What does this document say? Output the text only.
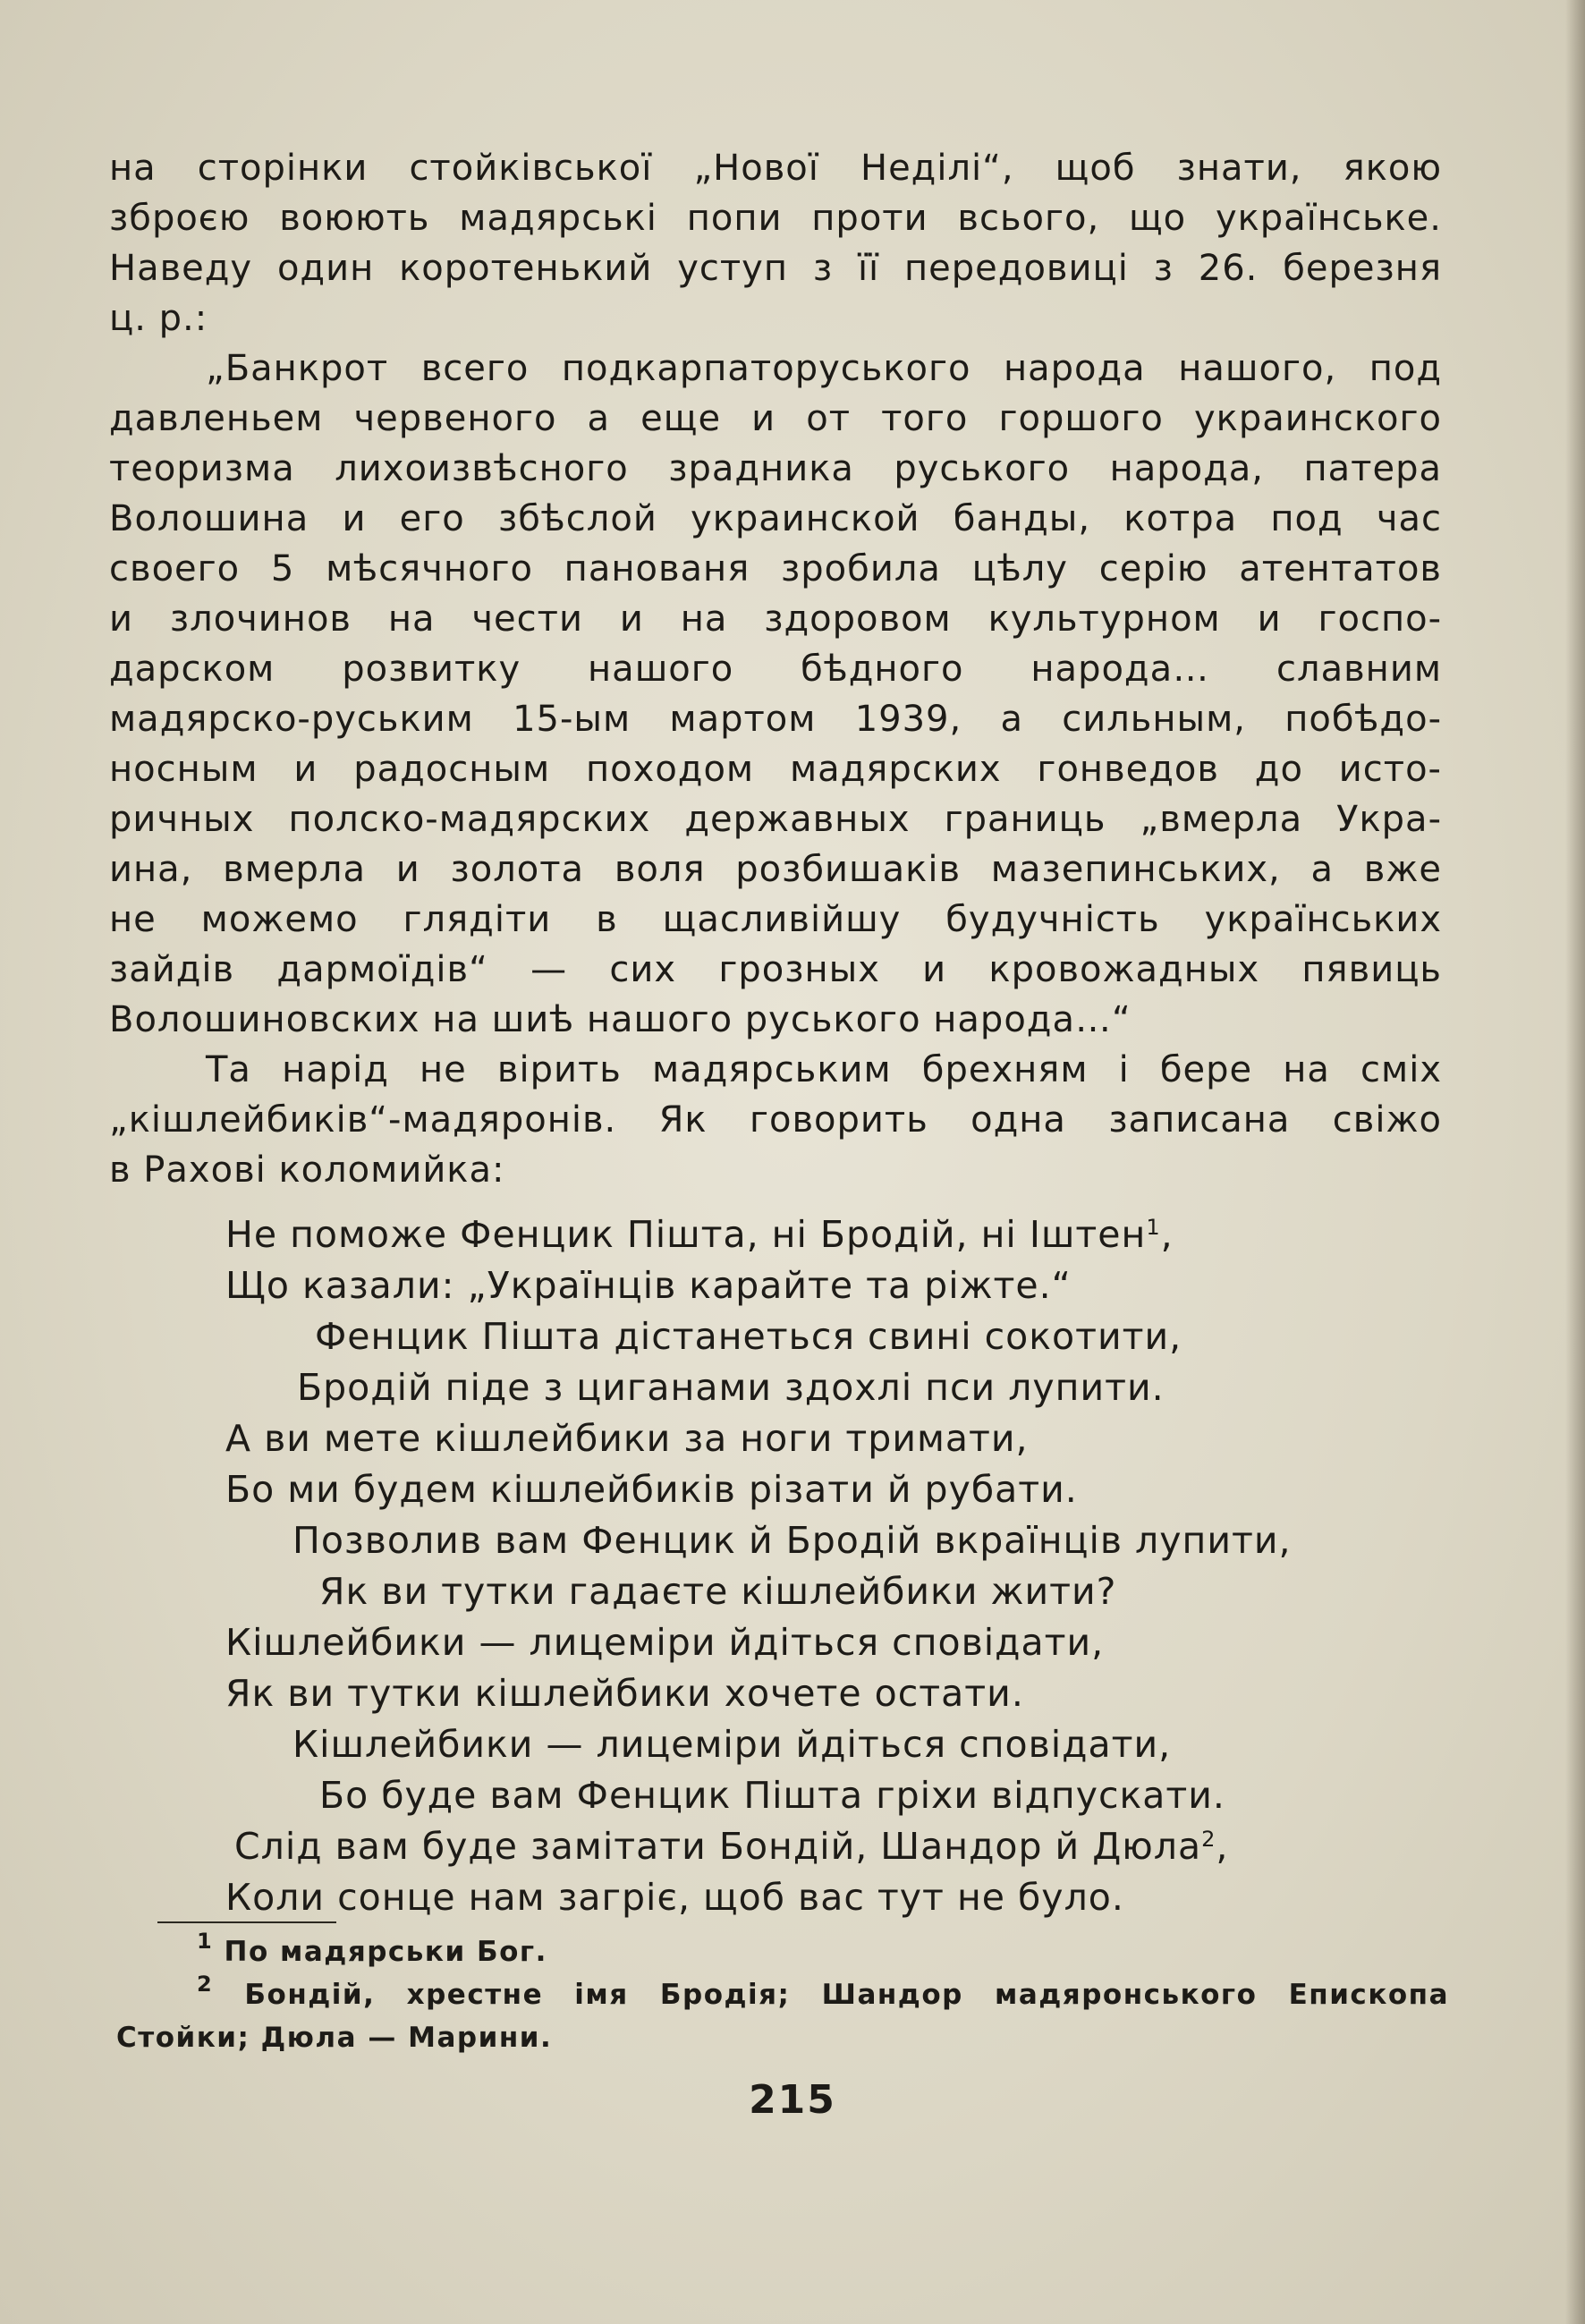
на сторінки стойківської „Нової Неділі“, щоб знати, якою
зброєю воюють мадярські попи проти всього, що українське.
Наведу один коротенький уступ з її передовиці з 26. березня
ц. р.:

„Банкрот всего подкарпаторуського народа нашого, под
давленьем червеного а еще и от того горшого украинского
теоризма лихоизвѣсного зрадника руського народа, патера
Волошина и его збѣслой украинской банды, котра под час
своего 5 мѣсячного панованя зробила цѣлу серію атентатов
и злочинов на чести и на здоровом культурном и госпо-
дарском розвитку нашого бѣдного народа… славним
мадярско-руським 15-ым мартом 1939, а сильным, побѣдо-
носным и радосным походом мадярских гонведов до исто-
ричных полско-мадярских державных границь „вмерла Укра-
ина, вмерла и золота воля розбишаків мазепинських, а вже
не можемо глядіти в щасливійшу будучність українських
зайдів дармоїдів“ — сих грозных и кровожадных пявиць
Волошиновских на шиѣ нашого руського народа…“

Та нарід не вірить мадярським брехням і бере на сміх
„кішлейбиків“-мадяронів. Як говорить одна записана свіжо
в Рахові коломийка:

Не поможе Фенцик Пішта, ні Бродій, ні Іштен$^1$,
Що казали: „Українців карайте та ріжте.“
Фенцик Пішта дістанеться свині сокотити,
Бродій піде з циганами здохлі пси лупити.
А ви мете кішлейбики за ноги тримати,
Бо ми будем кішлейбиків різати й рубати.
Позволив вам Фенцик й Бродій вкраїнців лупити,
Як ви тутки гадаєте кішлейбики жити?
Кішлейбики — лицеміри йдіться сповідати,
Як ви тутки кішлейбики хочете остати.
Кішлейбики — лицеміри йдіться сповідати,
Бо буде вам Фенцик Пішта гріхи відпускати.
Слід вам буде замітати Бондій, Шандор й Дюла$^2$,
Коли сонце нам загріє, щоб вас тут не було.
$^1$ По мадярськи Бог.
$^2$ Бондій, хрестне імя Бродія; Шандор мадяронського Епископа
Стойки; Дюла — Марини.
215
